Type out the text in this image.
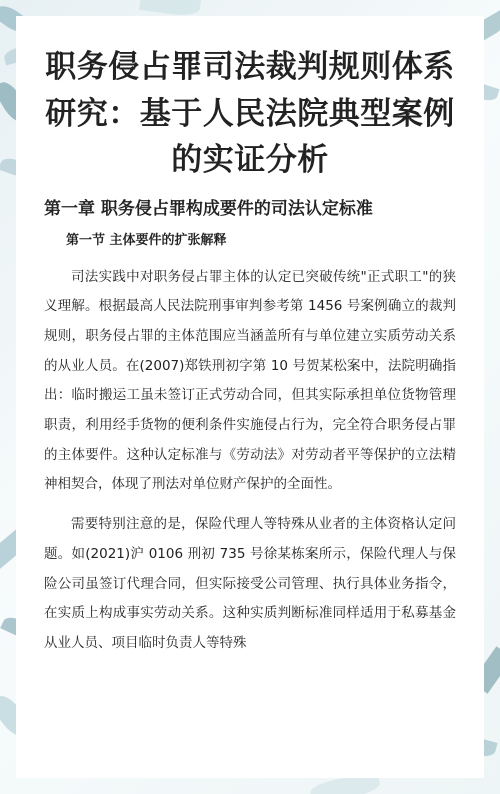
职务侵占罪司法裁判规则体系研究：基于人民法院典型案例的实证分析
第一章 职务侵占罪构成要件的司法认定标准
第一节 主体要件的扩张解释

司法实践中对职务侵占罪主体的认定已突破传统"正式职工"的狭义理解。根据最高人民法院刑事审判参考第 1456 号案例确立的裁判规则，职务侵占罪的主体范围应当涵盖所有与单位建立实质劳动关系的从业人员。在(2007)郑铁刑初字第 10 号贺某松案中，法院明确指出：临时搬运工虽未签订正式劳动合同，但其实际承担单位货物管理职责，利用经手货物的便利条件实施侵占行为，完全符合职务侵占罪的主体要件。这种认定标准与《劳动法》对劳动者平等保护的立法精神相契合，体现了刑法对单位财产保护的全面性。

需要特别注意的是，保险代理人等特殊从业者的主体资格认定问题。如(2021)沪 0106 刑初 735 号徐某栋案所示，保险代理人与保险公司虽签订代理合同，但实际接受公司管理、执行具体业务指令，在实质上构成事实劳动关系。这种实质判断标准同样适用于私募基金从业人员、项目临时负责人等特殊
